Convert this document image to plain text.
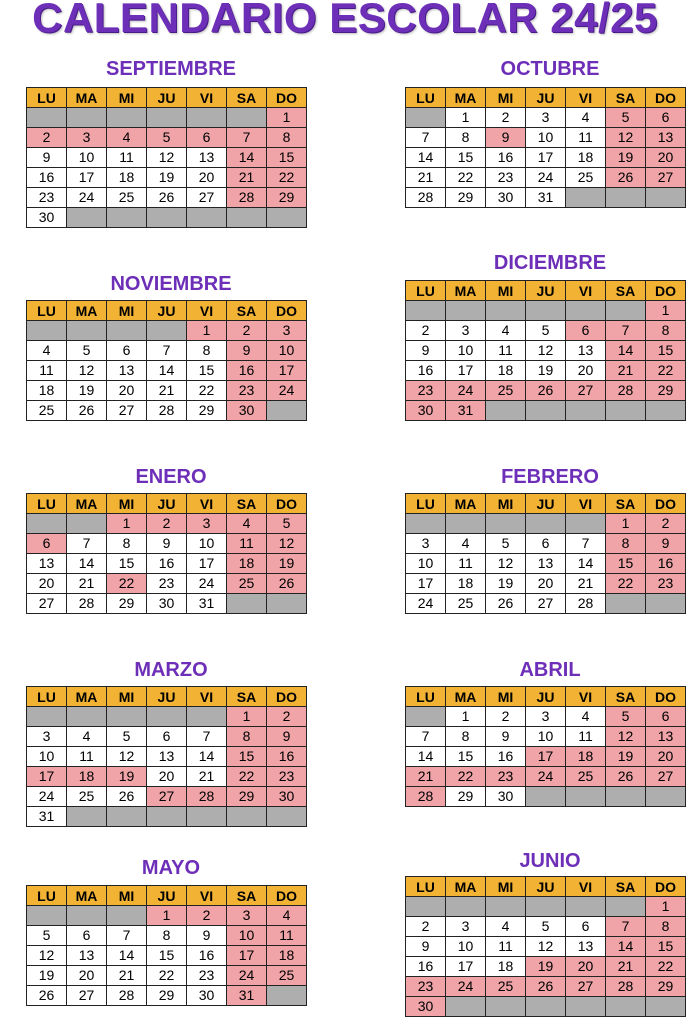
CALENDARIO ESCOLAR 24/25
SEPTIEMBRE
LU	MA	MI	JU	VI	SA	DO
						1
2	3	4	5	6	7	8
9	10	11	12	13	14	15
16	17	18	19	20	21	22
23	24	25	26	27	28	29
30						
OCTUBRE
LU	MA	MI	JU	VI	SA	DO
	1	2	3	4	5	6
7	8	9	10	11	12	13
14	15	16	17	18	19	20
21	22	23	24	25	26	27
28	29	30	31			
NOVIEMBRE
LU	MA	MI	JU	VI	SA	DO
				1	2	3
4	5	6	7	8	9	10
11	12	13	14	15	16	17
18	19	20	21	22	23	24
25	26	27	28	29	30	
DICIEMBRE
LU	MA	MI	JU	VI	SA	DO
						1
2	3	4	5	6	7	8
9	10	11	12	13	14	15
16	17	18	19	20	21	22
23	24	25	26	27	28	29
30	31					
ENERO
LU	MA	MI	JU	VI	SA	DO
		1	2	3	4	5
6	7	8	9	10	11	12
13	14	15	16	17	18	19
20	21	22	23	24	25	26
27	28	29	30	31		
FEBRERO
LU	MA	MI	JU	VI	SA	DO
					1	2
3	4	5	6	7	8	9
10	11	12	13	14	15	16
17	18	19	20	21	22	23
24	25	26	27	28		
MARZO
LU	MA	MI	JU	VI	SA	DO
					1	2
3	4	5	6	7	8	9
10	11	12	13	14	15	16
17	18	19	20	21	22	23
24	25	26	27	28	29	30
31						
ABRIL
LU	MA	MI	JU	VI	SA	DO
	1	2	3	4	5	6
7	8	9	10	11	12	13
14	15	16	17	18	19	20
21	22	23	24	25	26	27
28	29	30				
MAYO
LU	MA	MI	JU	VI	SA	DO
			1	2	3	4
5	6	7	8	9	10	11
12	13	14	15	16	17	18
19	20	21	22	23	24	25
26	27	28	29	30	31	
JUNIO
LU	MA	MI	JU	VI	SA	DO
						1
2	3	4	5	6	7	8
9	10	11	12	13	14	15
16	17	18	19	20	21	22
23	24	25	26	27	28	29
30						
